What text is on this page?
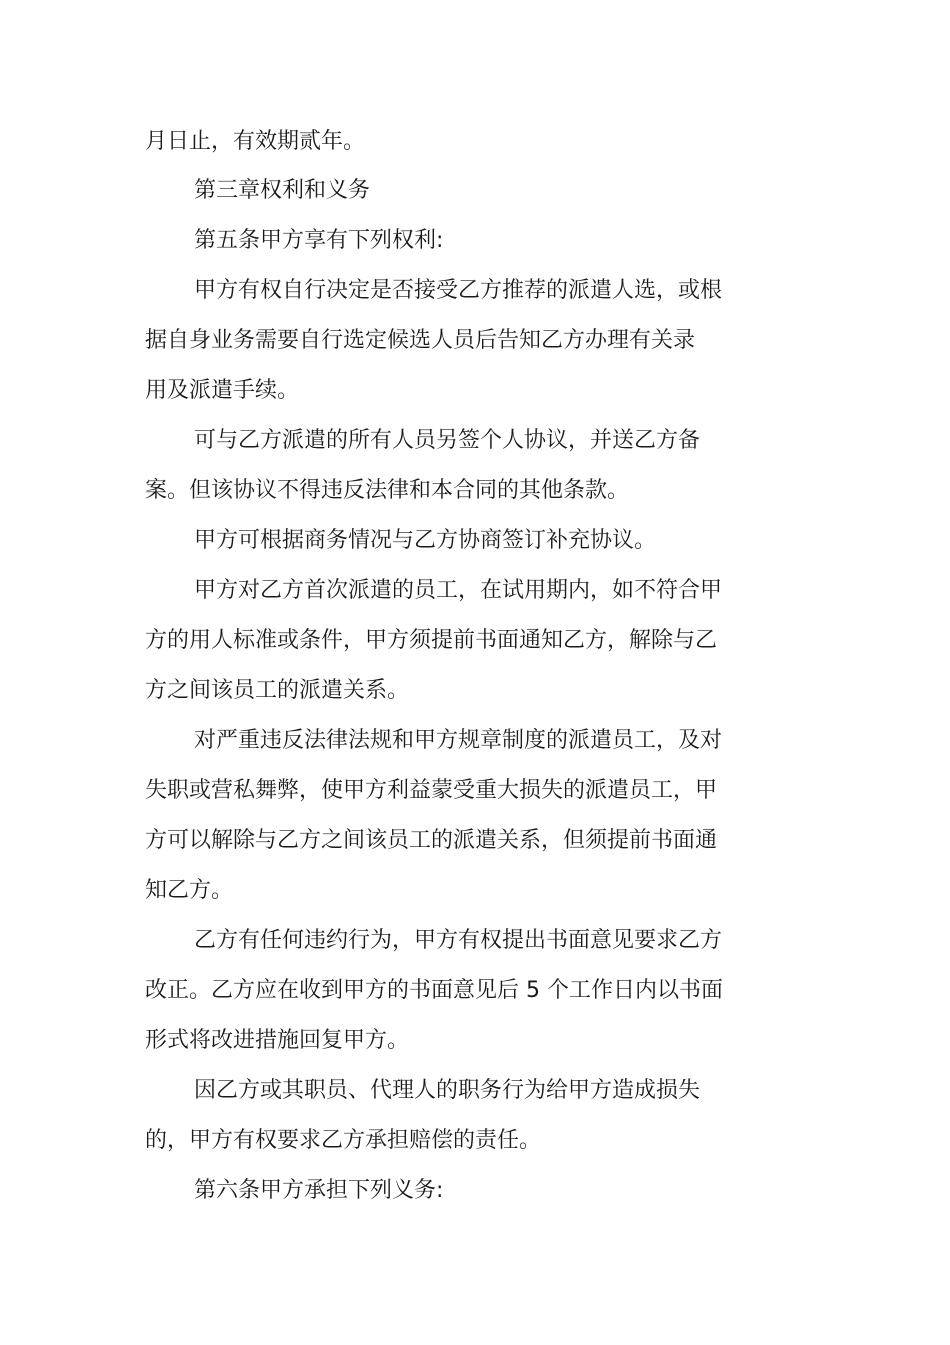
月日止，有效期贰年。
第三章权利和义务
第五条甲方享有下列权利:
甲方有权自行决定是否接受乙方推荐的派遣人选，或根
据自身业务需要自行选定候选人员后告知乙方办理有关录
用及派遣手续。
可与乙方派遣的所有人员另签个人协议，并送乙方备
案。但该协议不得违反法律和本合同的其他条款。
甲方可根据商务情况与乙方协商签订补充协议。
甲方对乙方首次派遣的员工，在试用期内，如不符合甲
方的用人标准或条件，甲方须提前书面通知乙方，解除与乙
方之间该员工的派遣关系。
对严重违反法律法规和甲方规章制度的派遣员工，及对
失职或营私舞弊，使甲方利益蒙受重大损失的派遣员工，甲
方可以解除与乙方之间该员工的派遣关系，但须提前书面通
知乙方。
乙方有任何违约行为，甲方有权提出书面意见要求乙方
改正。乙方应在收到甲方的书面意见后 5 个工作日内以书面
形式将改进措施回复甲方。
因乙方或其职员、代理人的职务行为给甲方造成损失
的，甲方有权要求乙方承担赔偿的责任。
第六条甲方承担下列义务:
